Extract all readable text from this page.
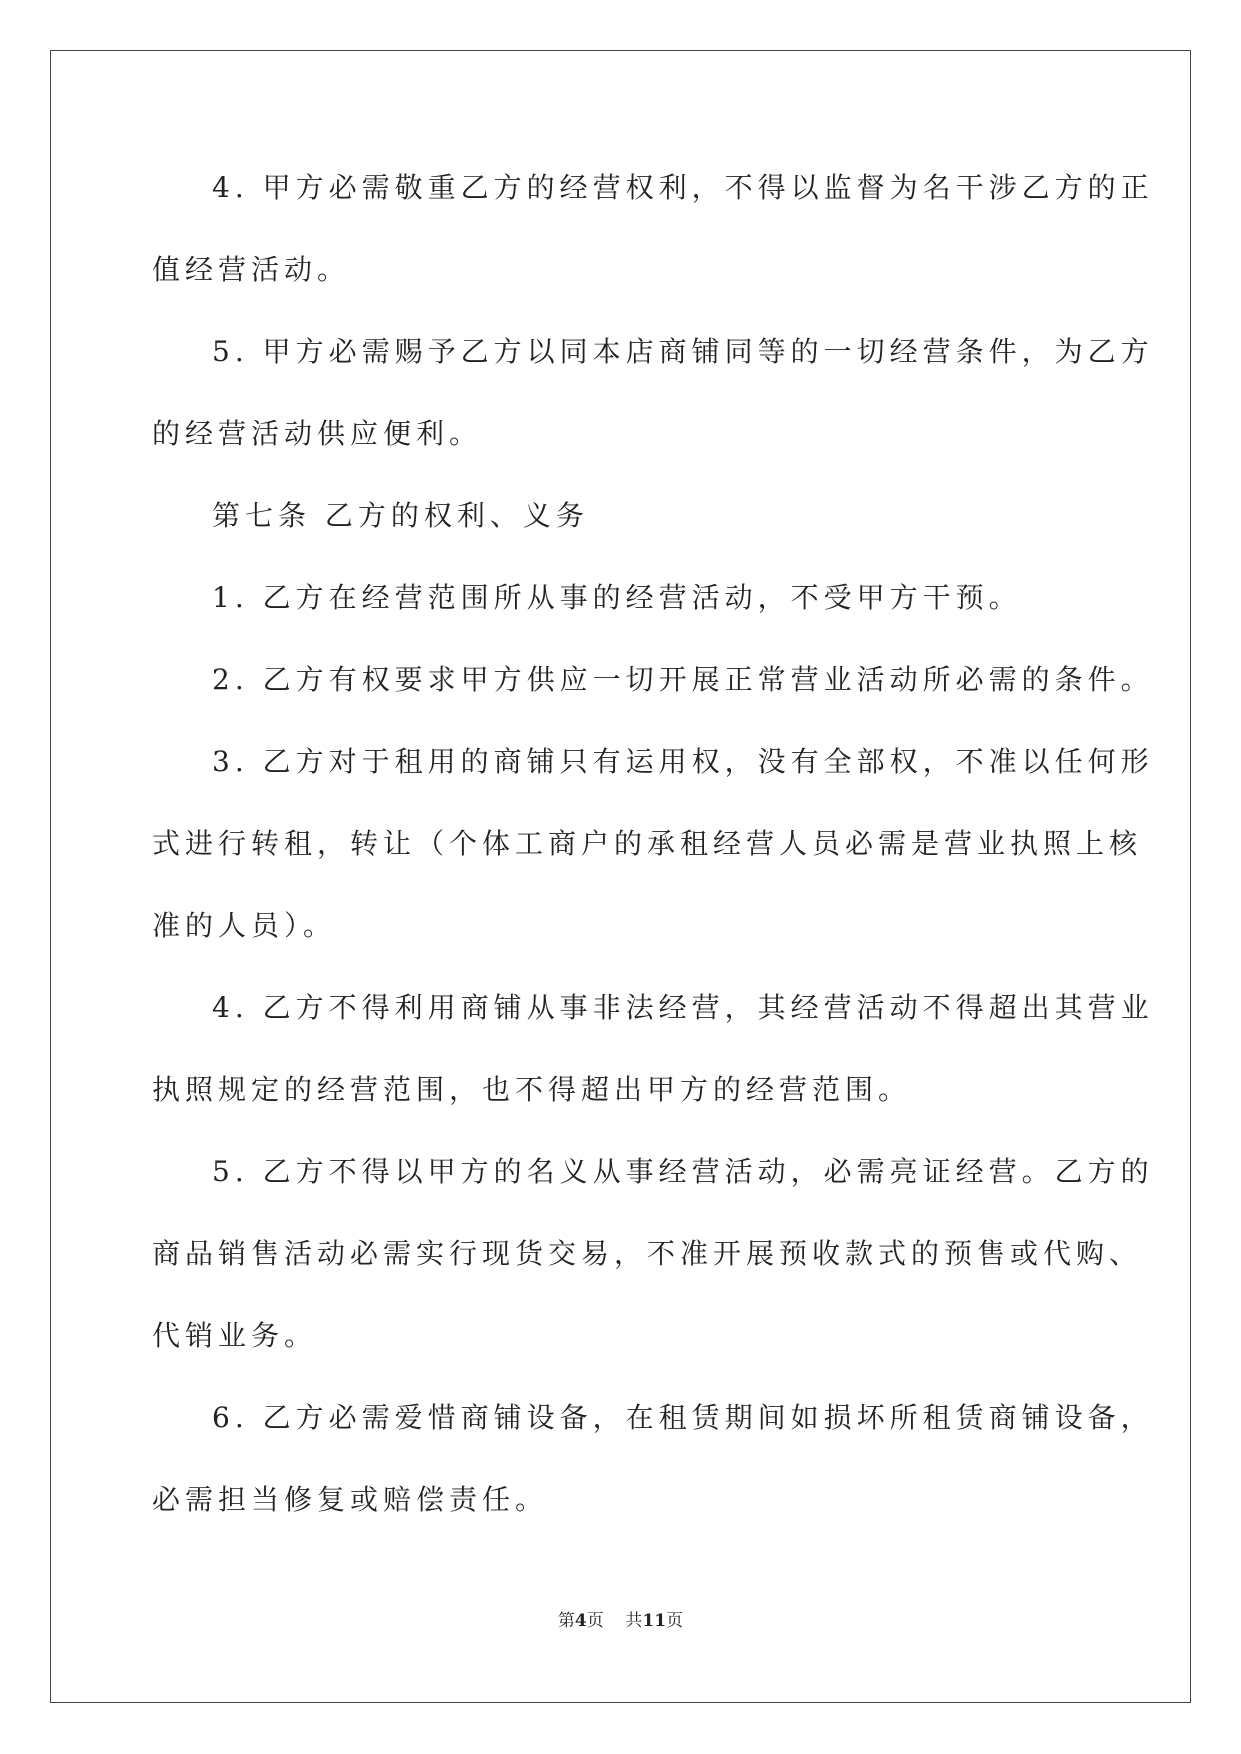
4. 甲方必需敬重乙方的经营权利，不得以监督为名干涉乙方的正
值经营活动。
5. 甲方必需赐予乙方以同本店商铺同等的一切经营条件，为乙方
的经营活动供应便利。
第七条 乙方的权利、义务
1. 乙方在经营范围所从事的经营活动，不受甲方干预。
2. 乙方有权要求甲方供应一切开展正常营业活动所必需的条件。
3. 乙方对于租用的商铺只有运用权，没有全部权，不准以任何形
式进行转租，转让（个体工商户的承租经营人员必需是营业执照上核
准的人员）。
4. 乙方不得利用商铺从事非法经营，其经营活动不得超出其营业
执照规定的经营范围，也不得超出甲方的经营范围。
5. 乙方不得以甲方的名义从事经营活动，必需亮证经营。乙方的
商品销售活动必需实行现货交易，不准开展预收款式的预售或代购、
代销业务。
6. 乙方必需爱惜商铺设备，在租赁期间如损坏所租赁商铺设备，
必需担当修复或赔偿责任。
第4页 共11页
